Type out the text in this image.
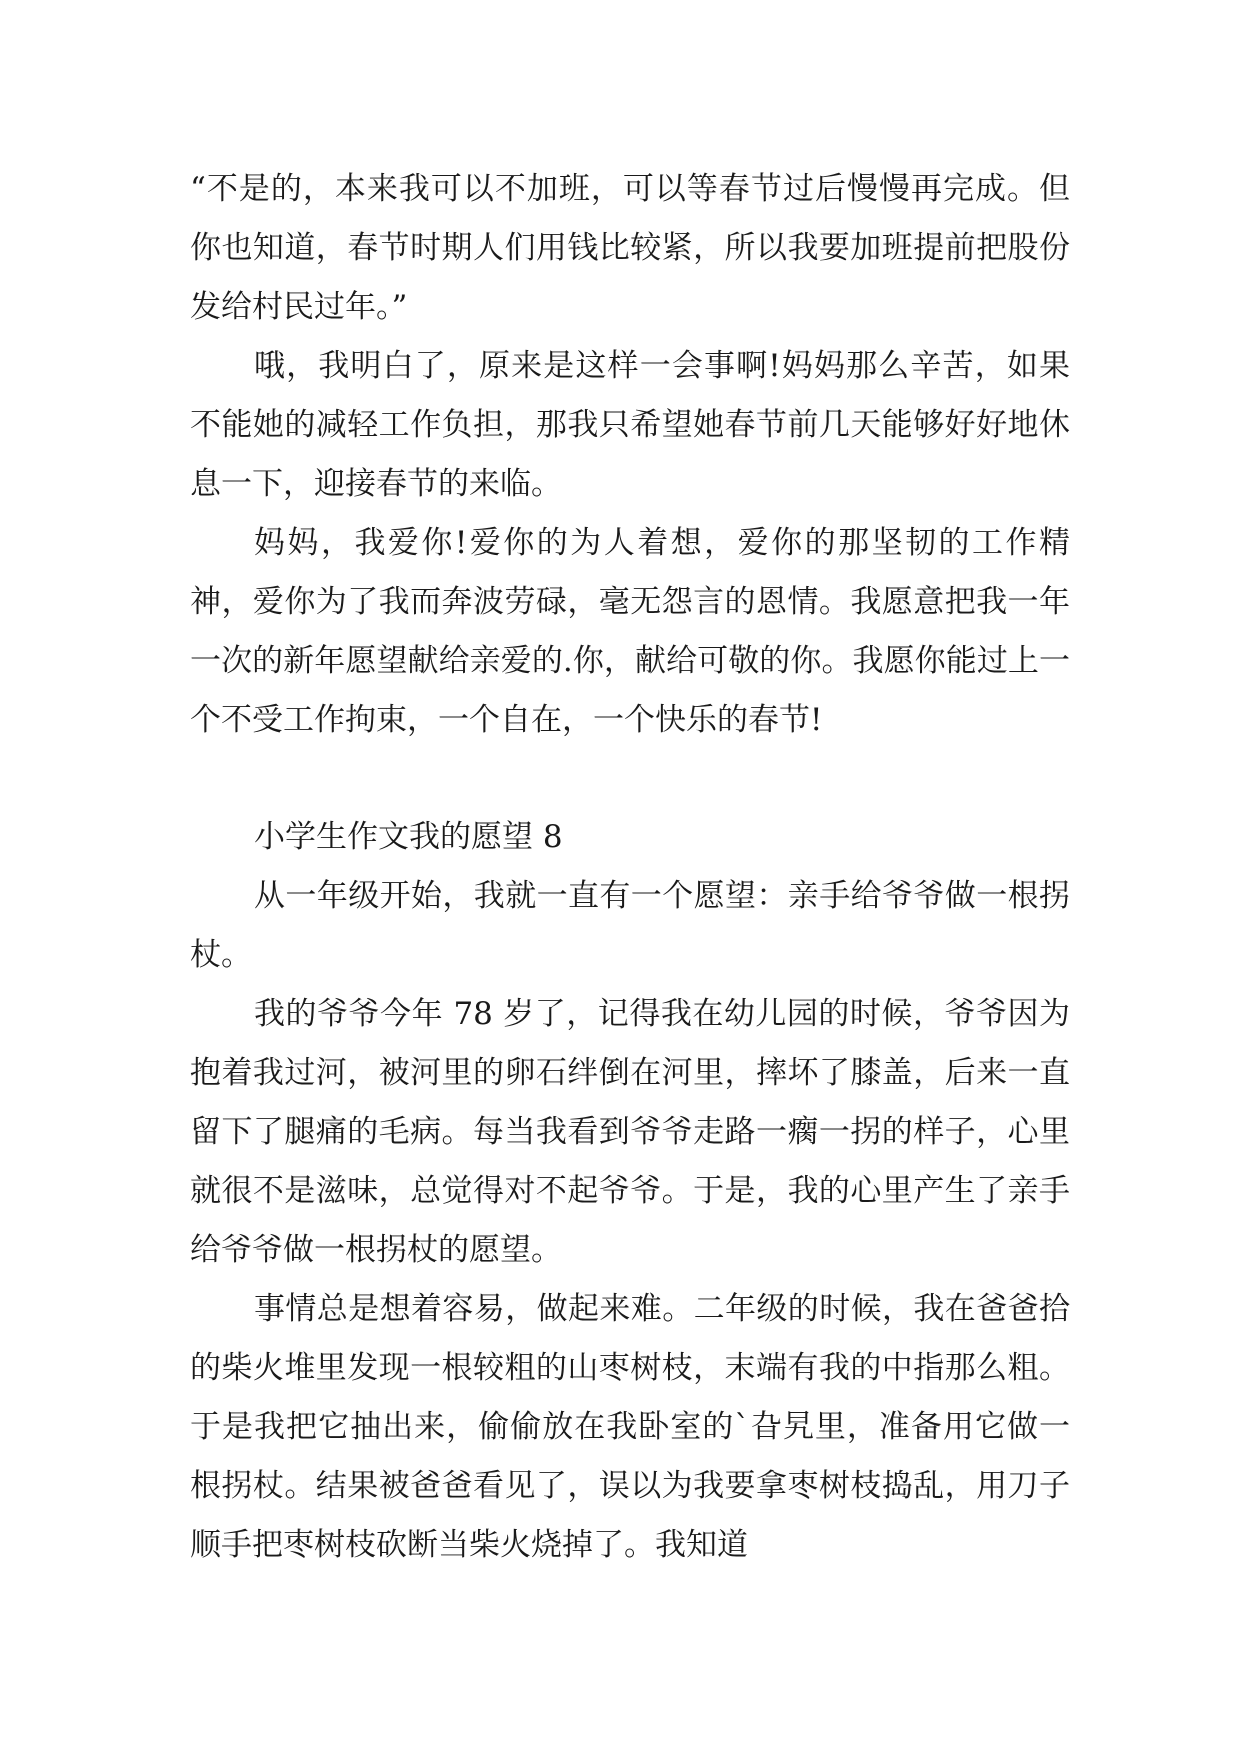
“不是的，本来我可以不加班，可以等春节过后慢慢再完成。但你也知道，春节时期人们用钱比较紧，所以我要加班提前把股份发给村民过年。”

哦，我明白了，原来是这样一会事啊!妈妈那么辛苦，如果不能她的减轻工作负担，那我只希望她春节前几天能够好好地休息一下，迎接春节的来临。

妈妈，我爱你!爱你的为人着想，爱你的那坚韧的工作精神，爱你为了我而奔波劳碌，毫无怨言的恩情。我愿意把我一年一次的新年愿望献给亲爱的.你，献给可敬的你。我愿你能过上一个不受工作拘束，一个自在，一个快乐的春节!

小学生作文我的愿望 8

从一年级开始，我就一直有一个愿望：亲手给爷爷做一根拐杖。

我的爷爷今年 78 岁了，记得我在幼儿园的时候，爷爷因为抱着我过河，被河里的卵石绊倒在河里，摔坏了膝盖，后来一直留下了腿痛的毛病。每当我看到爷爷走路一瘸一拐的样子，心里就很不是滋味，总觉得对不起爷爷。于是，我的心里产生了亲手给爷爷做一根拐杖的愿望。

事情总是想着容易，做起来难。二年级的时候，我在爸爸拾的柴火堆里发现一根较粗的山枣树枝，末端有我的中指那么粗。于是我把它抽出来，偷偷放在我卧室的`旮旯里，准备用它做一根拐杖。结果被爸爸看见了，误以为我要拿枣树枝捣乱，用刀子顺手把枣树枝砍断当柴火烧掉了。我知道
